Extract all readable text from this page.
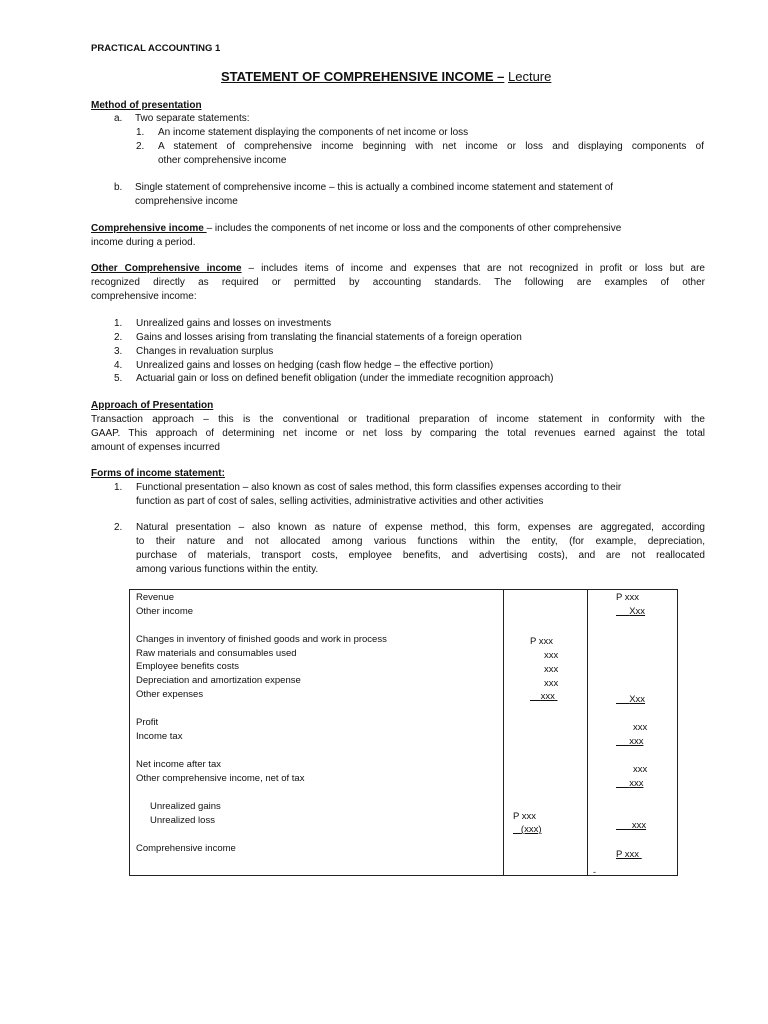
PRACTICAL ACCOUNTING 1
STATEMENT OF COMPREHENSIVE INCOME – Lecture
Method of presentation
a. Two separate statements:
1. An income statement displaying the components of net income or loss
2. A statement of comprehensive income beginning with net income or loss and displaying components of
other comprehensive income
b. Single statement of comprehensive income – this is actually a combined income statement and statement of
comprehensive income
Comprehensive income – includes the components of net income or loss and the components of other comprehensive
income during a period.
Other Comprehensive income – includes items of income and expenses that are not recognized in profit or loss but are
recognized directly as required or permitted by accounting standards. The following are examples of other
comprehensive income:
1. Unrealized gains and losses on investments
2. Gains and losses arising from translating the financial statements of a foreign operation
3. Changes in revaluation surplus
4. Unrealized gains and losses on hedging (cash flow hedge – the effective portion)
5. Actuarial gain or loss on defined benefit obligation (under the immediate recognition approach)
Approach of Presentation
Transaction approach – this is the conventional or traditional preparation of income statement in conformity with the
GAAP. This approach of determining net income or net loss by comparing the total revenues earned against the total
amount of expenses incurred
Forms of income statement:
1. Functional presentation – also known as cost of sales method, this form classifies expenses according to their
function as part of cost of sales, selling activities, administrative activities and other activities
2. Natural presentation – also known as nature of expense method, this form, expenses are aggregated, according
to their nature and not allocated among various functions within the entity, (for example, depreciation,
purchase of materials, transport costs, employee benefits, and advertising costs), and are not reallocated
among various functions within the entity.
Revenue
Other income
Changes in inventory of finished goods and work in process
Raw materials and consumables used
Employee benefits costs
Depreciation and amortization expense
Other expenses
Profit
Income tax
Net income after tax
Other comprehensive income, net of tax
Unrealized gains
Unrealized loss
Comprehensive income
P xxx
xxx
xxx
xxx
xxx
P xxx
(xxx)
P xxx
Xxx
Xxx
xxx
xxx
xxx
xxx
xxx
P xxx
-
